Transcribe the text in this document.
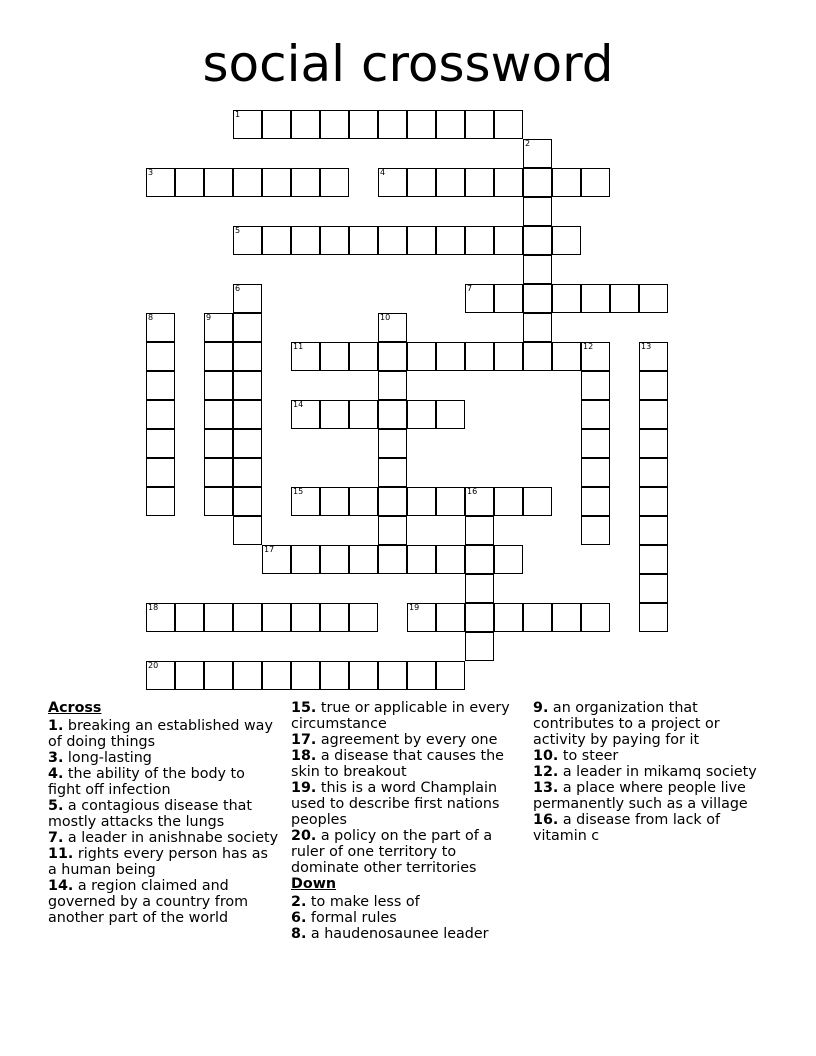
social crossword
1
3	4
5
7
11
14
15	16
17
18	19
20
2
6
8	9	10
12	13
Across
1. breaking an established way of doing things
3. long-lasting
4. the ability of the body to fight off infection
5. a contagious disease that mostly attacks the lungs
7. a leader in anishnabe society
11. rights every person has as a human being
14. a region claimed and governed by a country from another part of the world
15. true or applicable in every circumstance
17. agreement by every one
18. a disease that causes the skin to breakout
19. this is a word Champlain used to describe first nations peoples
20. a policy on the part of a ruler of one territory to dominate other territories
Down
2. to make less of
6. formal rules
8. a haudenosaunee leader
9. an organization that contributes to a project or activity by paying for it
10. to steer
12. a leader in mikamq society
13. a place where people live permanently such as a village
16. a disease from lack of vitamin c
